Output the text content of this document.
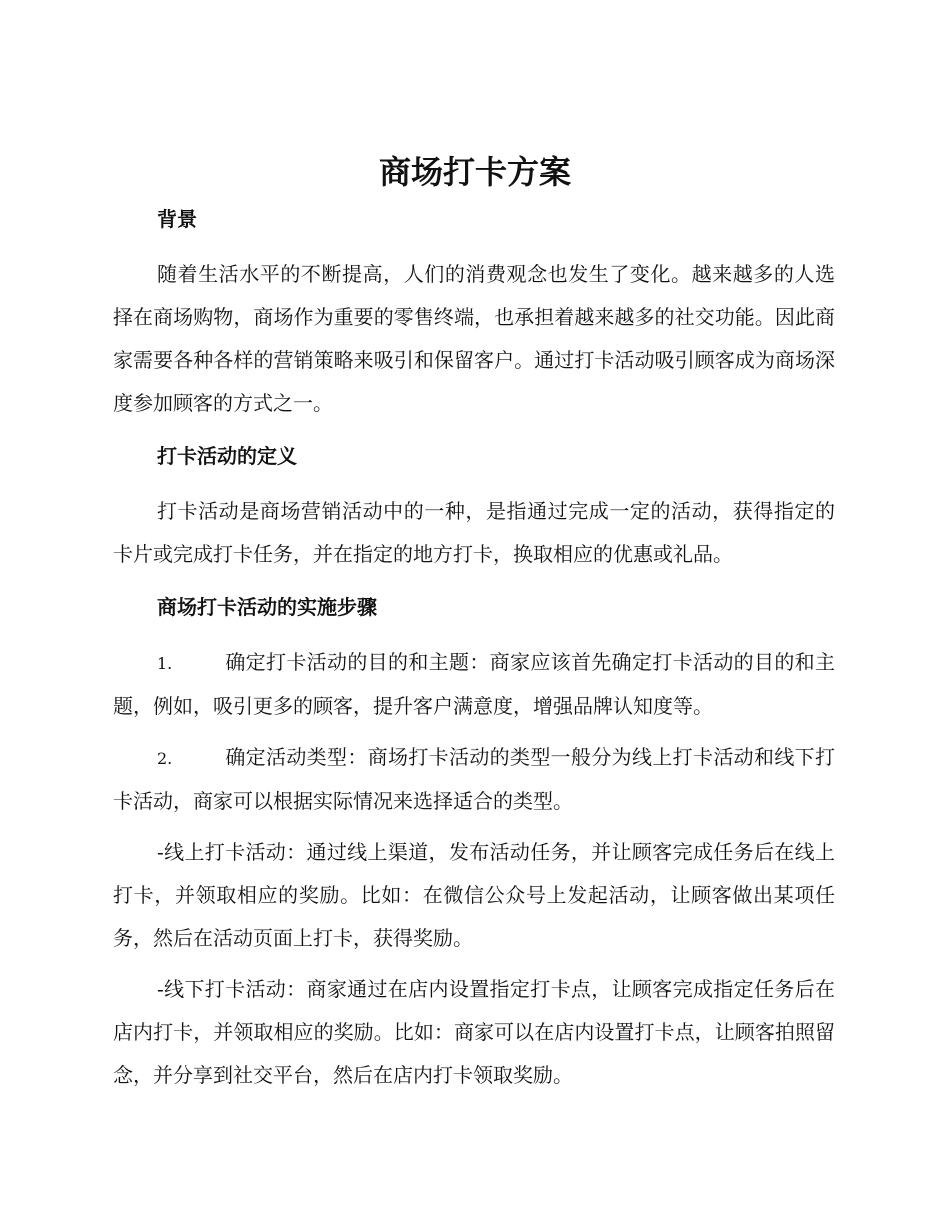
商场打卡方案
背景

随着生活水平的不断提高，人们的消费观念也发生了变化。越来越多的人选择在商场购物，商场作为重要的零售终端，也承担着越来越多的社交功能。因此商家需要各种各样的营销策略来吸引和保留客户。通过打卡活动吸引顾客成为商场深度参加顾客的方式之一。

打卡活动的定义

打卡活动是商场营销活动中的一种，是指通过完成一定的活动，获得指定的卡片或完成打卡任务，并在指定的地方打卡，换取相应的优惠或礼品。

商场打卡活动的实施步骤

1.	确定打卡活动的目的和主题：商家应该首先确定打卡活动的目的和主题，例如，吸引更多的顾客，提升客户满意度，增强品牌认知度等。

2.	确定活动类型：商场打卡活动的类型一般分为线上打卡活动和线下打卡活动，商家可以根据实际情况来选择适合的类型。

-线上打卡活动：通过线上渠道，发布活动任务，并让顾客完成任务后在线上打卡，并领取相应的奖励。比如：在微信公众号上发起活动，让顾客做出某项任务，然后在活动页面上打卡，获得奖励。

-线下打卡活动：商家通过在店内设置指定打卡点，让顾客完成指定任务后在店内打卡，并领取相应的奖励。比如：商家可以在店内设置打卡点，让顾客拍照留念，并分享到社交平台，然后在店内打卡领取奖励。
